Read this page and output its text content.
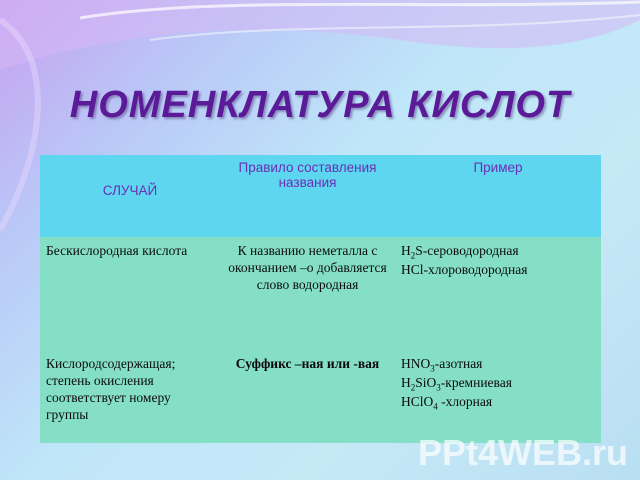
НОМЕНКЛАТУРА КИСЛОТ
СЛУЧАЙ	Правило составления названия	Пример
Бескислородная кислота	К названию неметалла с окончанием –о добавляется слово водородная	$H_2S$-сероводородная
HCl-хлороводородная

Кислородсодержащая; степень окисления соответствует номеру группы	Суффикс –ная или -вая	$HNO_3$-азотная
$H_2SiO_3$-кремниевая
HClO$_4$ -хлорная
PPt4WEB.ru
